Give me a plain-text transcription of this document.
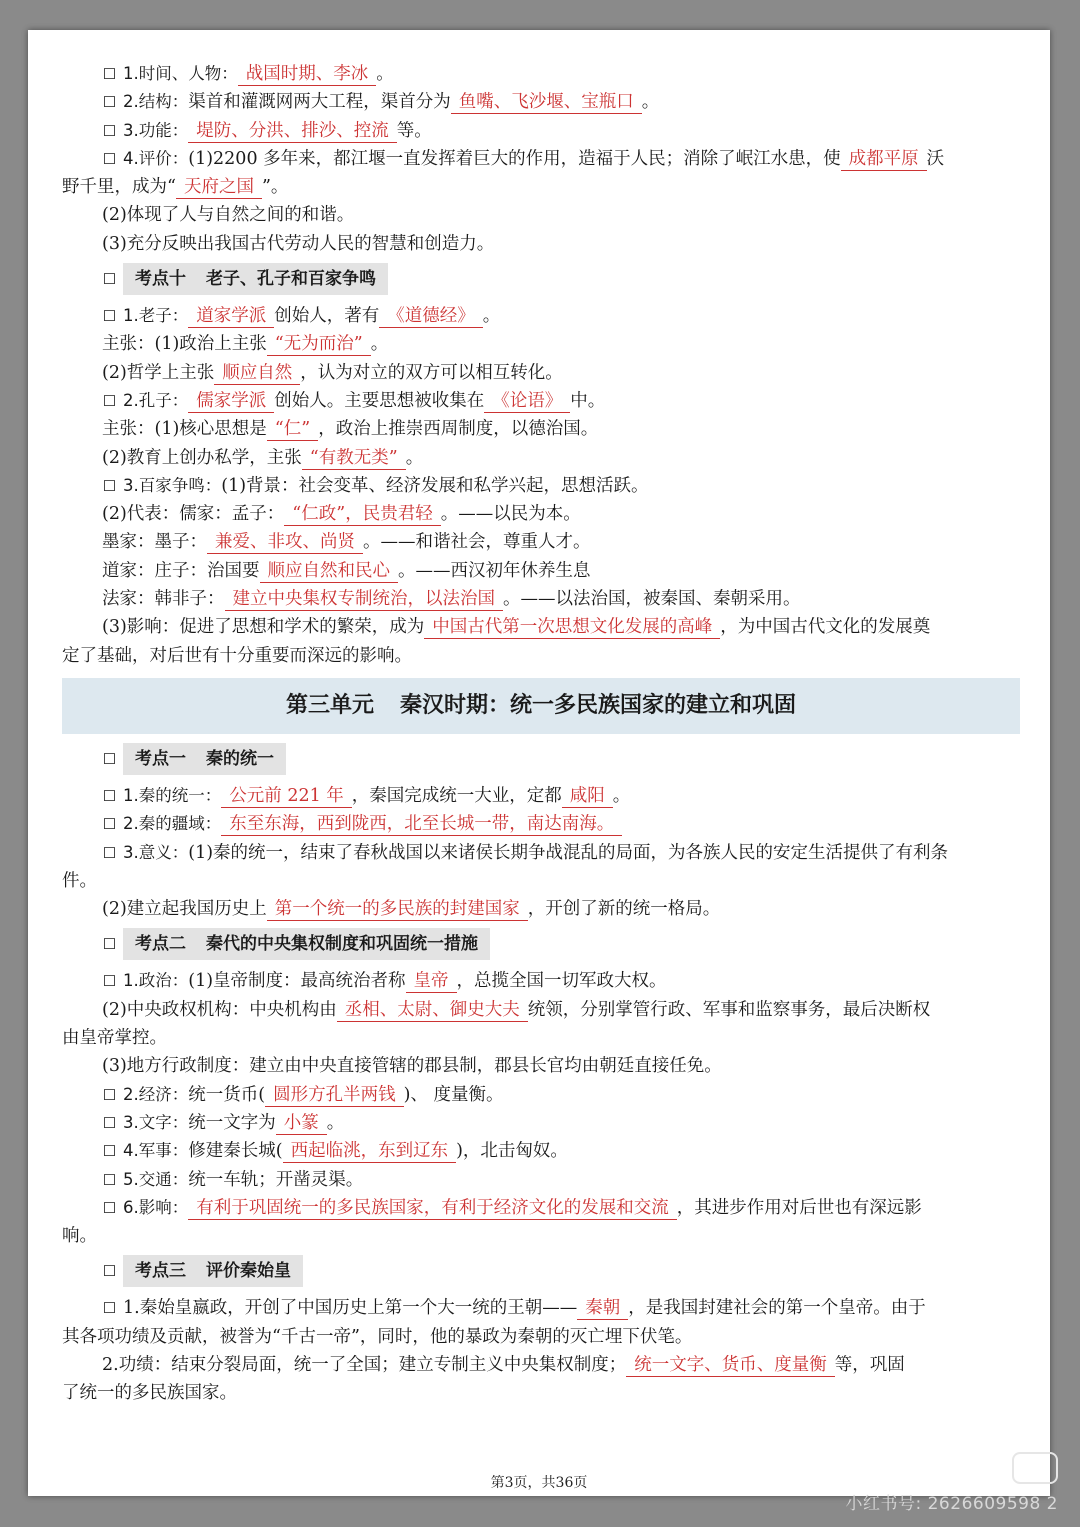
☐ 1.时间、人物： 战国时期、李冰 。
☐ 2.结构：渠首和灌溉网两大工程，渠首分为 鱼嘴、飞沙堰、宝瓶口 。
☐ 3.功能： 堤防、分洪、排沙、控流 等。
☐ 4.评价：(1)2200 多年来，都江堰一直发挥着巨大的作用，造福于人民；消除了岷江水患，使 成都平原 沃
野千里，成为“ 天府之国 ”。
(2)体现了人与自然之间的和谐。
(3)充分反映出我国古代劳动人民的智慧和创造力。
☐	考点十 老子、孔子和百家争鸣
☐ 1.老子： 道家学派 创始人，著有 《道德经》 。
主张：(1)政治上主张 “无为而治” 。
(2)哲学上主张 顺应自然 ，认为对立的双方可以相互转化。
☐ 2.孔子： 儒家学派 创始人。主要思想被收集在 《论语》 中。
主张：(1)核心思想是 “仁” ，政治上推崇西周制度，以德治国。
(2)教育上创办私学，主张 “有教无类” 。
☐ 3.百家争鸣：(1)背景：社会变革、经济发展和私学兴起，思想活跃。
(2)代表：儒家：孟子： “仁政”，民贵君轻 。——以民为本。
墨家：墨子： 兼爱、非攻、尚贤 。——和谐社会，尊重人才。
道家：庄子：治国要 顺应自然和民心 。——西汉初年休养生息
法家：韩非子： 建立中央集权专制统治，以法治国 。——以法治国，被秦国、秦朝采用。
(3)影响：促进了思想和学术的繁荣，成为 中国古代第一次思想文化发展的高峰 ，为中国古代文化的发展奠
定了基础，对后世有十分重要而深远的影响。
第三单元 秦汉时期：统一多民族国家的建立和巩固
☐	考点一 秦的统一
☐ 1.秦的统一： 公元前 221 年 ，秦国完成统一大业，定都 咸阳 。
☐ 2.秦的疆域： 东至东海，西到陇西，北至长城一带，南达南海。
☐ 3.意义：(1)秦的统一，结束了春秋战国以来诸侯长期争战混乱的局面，为各族人民的安定生活提供了有利条
件。
(2)建立起我国历史上 第一个统一的多民族的封建国家 ，开创了新的统一格局。
☐	考点二 秦代的中央集权制度和巩固统一措施
☐ 1.政治：(1)皇帝制度：最高统治者称 皇帝 ，总揽全国一切军政大权。
(2)中央政权机构：中央机构由 丞相、太尉、御史大夫 统领，分别掌管行政、军事和监察事务，最后决断权
由皇帝掌控。
(3)地方行政制度：建立由中央直接管辖的郡县制，郡县长官均由朝廷直接任免。
☐ 2.经济：统一货币( 圆形方孔半两钱 )、 度量衡。
☐ 3.文字：统一文字为 小篆 。
☐ 4.军事：修建秦长城( 西起临洮，东到辽东 )，北击匈奴。
☐ 5.交通：统一车轨；开凿灵渠。
☐ 6.影响： 有利于巩固统一的多民族国家，有利于经济文化的发展和交流 ，其进步作用对后世也有深远影
响。
☐	考点三 评价秦始皇
☐ 1.秦始皇嬴政，开创了中国历史上第一个大一统的王朝—— 秦朝 ，是我国封建社会的第一个皇帝。由于
其各项功绩及贡献，被誉为“千古一帝”，同时，他的暴政为秦朝的灭亡埋下伏笔。
2.功绩：结束分裂局面，统一了全国；建立专制主义中央集权制度； 统一文字、货币、度量衡 等，巩固
了统一的多民族国家。
第3页，共36页
小红书号: 2626609598 2
